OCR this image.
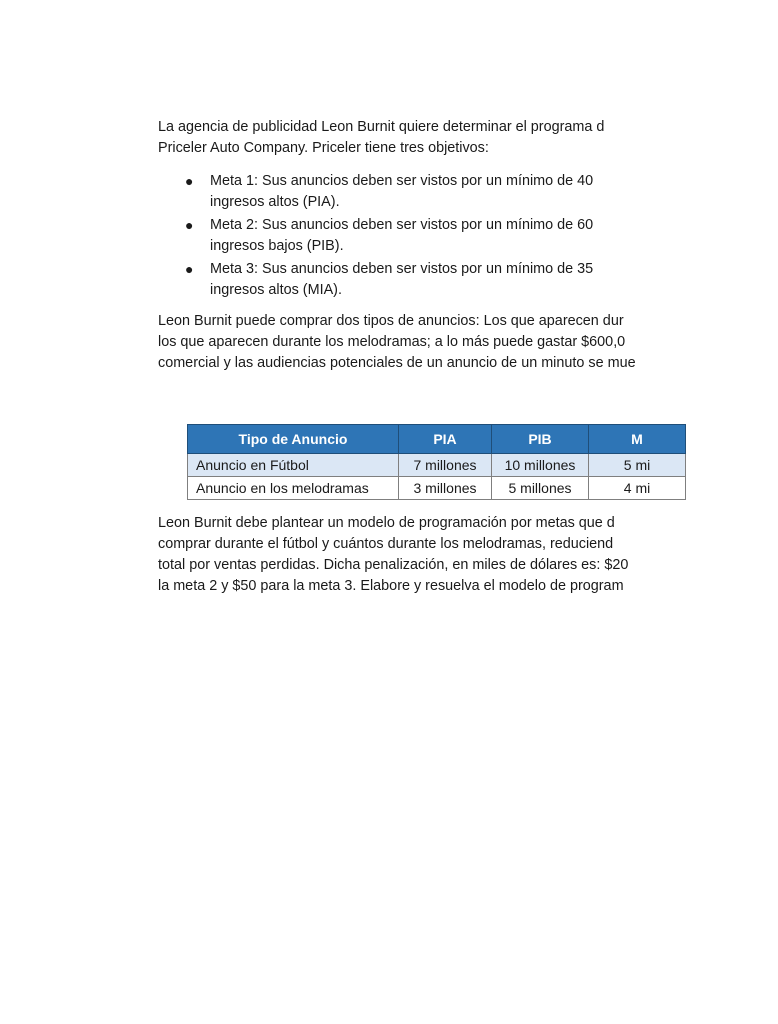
La agencia de publicidad Leon Burnit quiere determinar el programa d

Priceler Auto Company. Priceler tiene tres objetivos:

● Meta 1: Sus anuncios deben ser vistos por un mínimo de 40

ingresos altos (PIA).

● Meta 2: Sus anuncios deben ser vistos por un mínimo de 60

ingresos bajos (PIB).

● Meta 3: Sus anuncios deben ser vistos por un mínimo de 35

ingresos altos (MIA).

Leon Burnit puede comprar dos tipos de anuncios: Los que aparecen dur

los que aparecen durante los melodramas; a lo más puede gastar $600,0

comercial y las audiencias potenciales de un anuncio de un minuto se mue

Tipo de Anuncio	PIA	PIB	M
Anuncio en Fútbol	7 millones	10 millones	5 mi
Anuncio en los melodramas	3 millones	5 millones	4 mi

Leon Burnit debe plantear un modelo de programación por metas que d

comprar durante el fútbol y cuántos durante los melodramas, reduciend

total por ventas perdidas. Dicha penalización, en miles de dólares es: $20

la meta 2 y $50 para la meta 3. Elabore y resuelva el modelo de program
